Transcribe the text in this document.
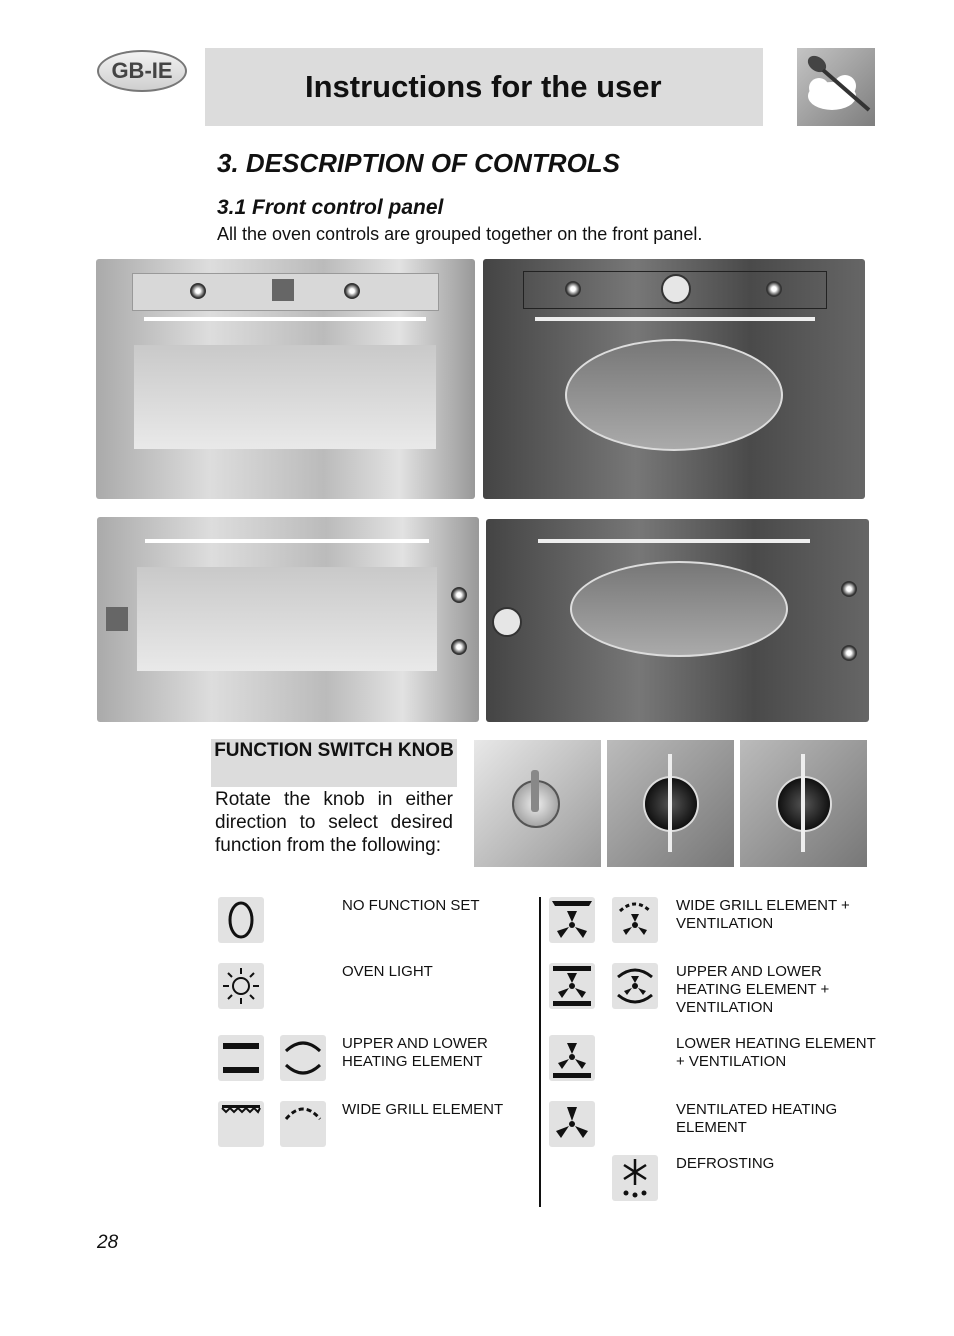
GB-IE	Instructions for the user
3. DESCRIPTION OF CONTROLS
3.1 Front control panel
All the oven controls are grouped together on the front panel.
FUNCTION SWITCH KNOB
Rotate the knob in either direction to select desired function from the following:
NO FUNCTION SET
OVEN LIGHT
UPPER AND LOWER HEATING ELEMENT
WIDE GRILL ELEMENT
WIDE GRILL ELEMENT + VENTILATION
UPPER AND LOWER HEATING ELEMENT + VENTILATION
LOWER HEATING ELEMENT + VENTILATION
VENTILATED HEATING ELEMENT
DEFROSTING
28
